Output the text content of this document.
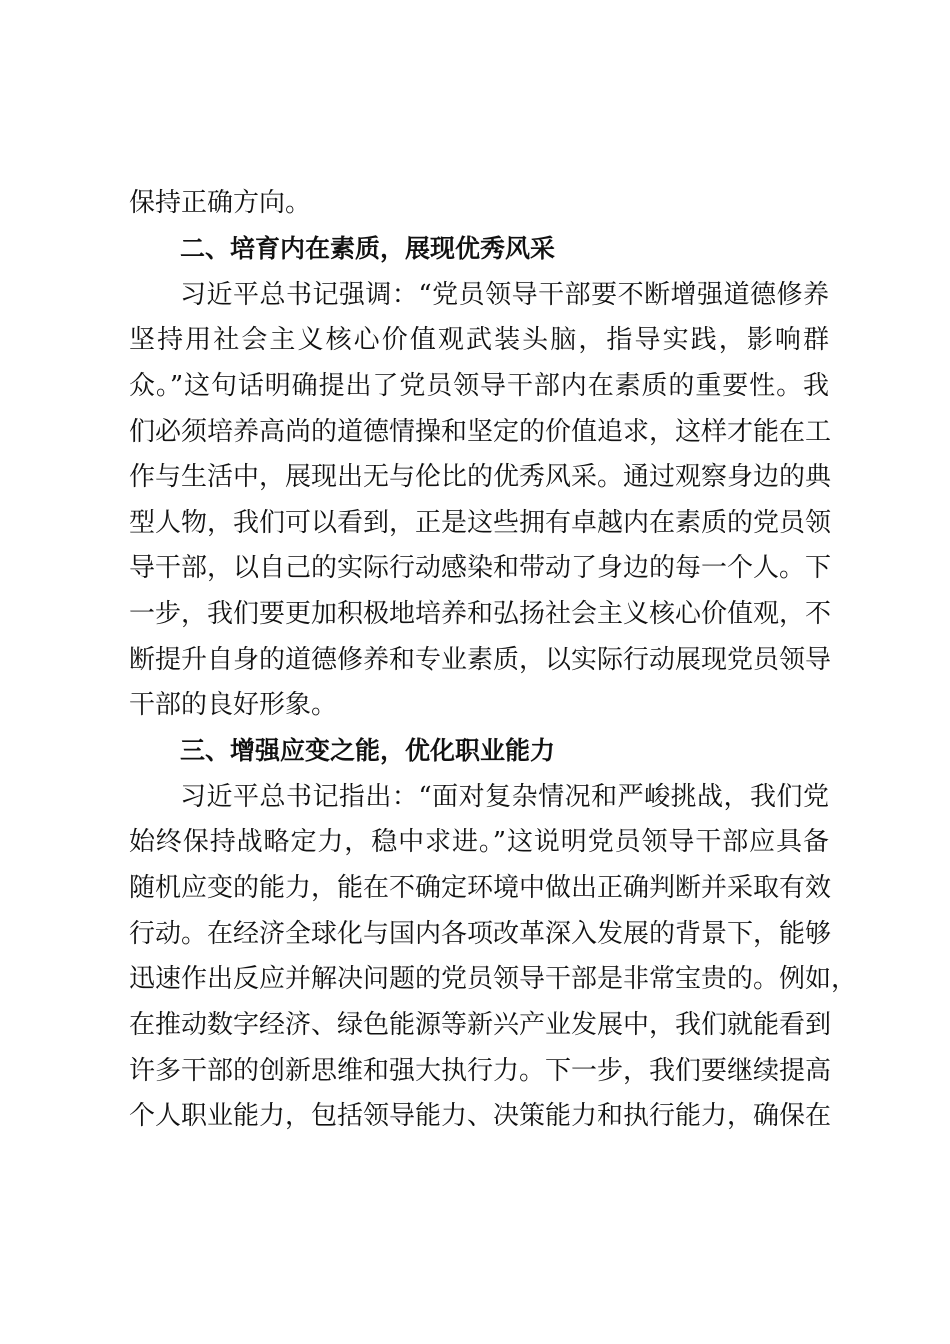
保持正确方向。
二、培育内在素质，展现优秀风采
习近平总书记强调：“党员领导干部要不断增强道德修养
坚持用社会主义核心价值观武装头脑，指导实践，影响群
众。”这句话明确提出了党员领导干部内在素质的重要性。我
们必须培养高尚的道德情操和坚定的价值追求，这样才能在工
作与生活中，展现出无与伦比的优秀风采。通过观察身边的典
型人物，我们可以看到，正是这些拥有卓越内在素质的党员领
导干部，以自己的实际行动感染和带动了身边的每一个人。下
一步，我们要更加积极地培养和弘扬社会主义核心价值观，不
断提升自身的道德修养和专业素质，以实际行动展现党员领导
干部的良好形象。
三、增强应变之能，优化职业能力
习近平总书记指出：“面对复杂情况和严峻挑战，我们党
始终保持战略定力，稳中求进。”这说明党员领导干部应具备
随机应变的能力，能在不确定环境中做出正确判断并采取有效
行动。在经济全球化与国内各项改革深入发展的背景下，能够
迅速作出反应并解决问题的党员领导干部是非常宝贵的。例如，
在推动数字经济、绿色能源等新兴产业发展中，我们就能看到
许多干部的创新思维和强大执行力。下一步，我们要继续提高
个人职业能力，包括领导能力、决策能力和执行能力，确保在
